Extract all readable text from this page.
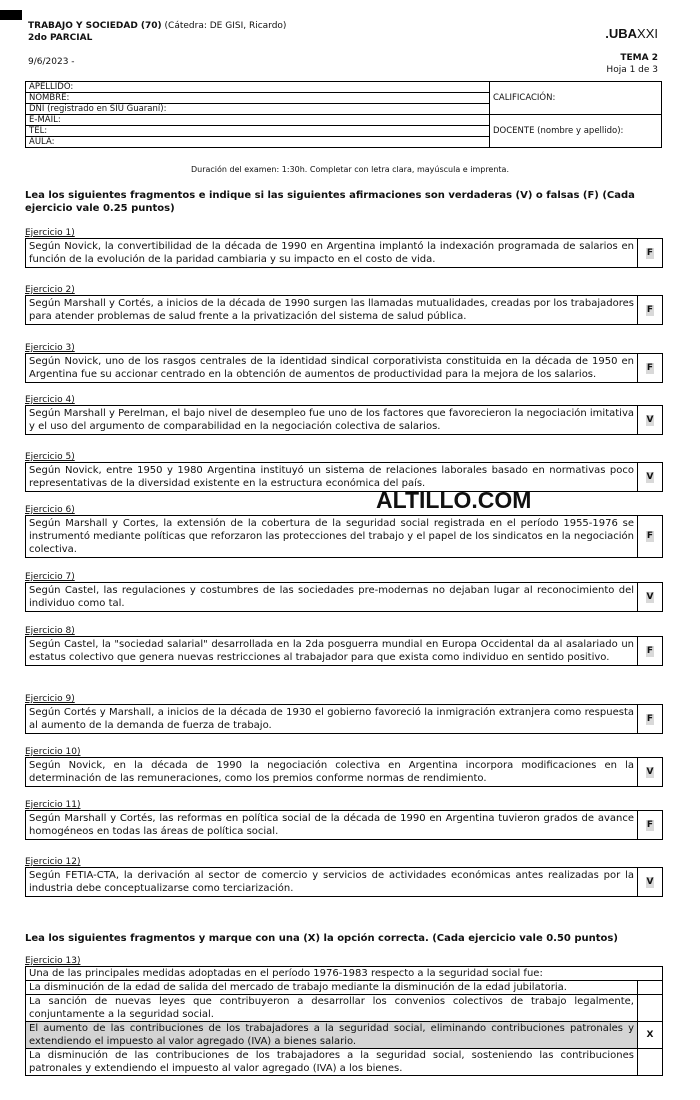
TRABAJO Y SOCIEDAD (70) (Cátedra: DE GISI, Ricardo)
2do PARCIAL
9/6/2023 -
.UBAXXI
TEMA 2
Hoja 1 de 3
APELLIDO:	CALIFICACIÓN:
NOMBRE:	
DNI (registrado en SIU Guaraní):	
E-MAIL:	DOCENTE (nombre y apellido):
TEL:	
AULA:	
Duración del examen: 1:30h. Completar con letra clara, mayúscula e imprenta.
Lea los siguientes fragmentos e indique si las siguientes afirmaciones son verdaderas (V) o falsas (F) (Cada ejercicio vale 0.25 puntos)
Ejercicio 1)
Según Novick, la convertibilidad de la década de 1990 en Argentina implantó la indexación programada de salarios en función de la evolución de la paridad cambiaria y su impacto en el costo de vida.
F
Ejercicio 2)
Según Marshall y Cortés, a inicios de la década de 1990 surgen las llamadas mutualidades, creadas por los trabajadores para atender problemas de salud frente a la privatización del sistema de salud pública.
F
Ejercicio 3)
Según Novick, uno de los rasgos centrales de la identidad sindical corporativista constituida en la década de 1950 en Argentina fue su accionar centrado en la obtención de aumentos de productividad para la mejora de los salarios.
F
Ejercicio 4)
Según Marshall y Perelman, el bajo nivel de desempleo fue uno de los factores que favorecieron la negociación imitativa y el uso del argumento de comparabilidad en la negociación colectiva de salarios.
V
Ejercicio 5)
Según Novick, entre 1950 y 1980 Argentina instituyó un sistema de relaciones laborales basado en normativas poco representativas de la diversidad existente en la estructura económica del país.
V
Ejercicio 6)
Según Marshall y Cortes, la extensión de la cobertura de la seguridad social registrada en el período 1955-1976 se instrumentó mediante políticas que reforzaron las protecciones del trabajo y el papel de los sindicatos en la negociación colectiva.
F
Ejercicio 7)
Según Castel, las regulaciones y costumbres de las sociedades pre-modernas no dejaban lugar al reconocimiento del individuo como tal.
V
Ejercicio 8)
Según Castel, la "sociedad salarial" desarrollada en la 2da posguerra mundial en Europa Occidental da al asalariado un estatus colectivo que genera nuevas restricciones al trabajador para que exista como individuo en sentido positivo.
F
Ejercicio 9)
Según Cortés y Marshall, a inicios de la década de 1930 el gobierno favoreció la inmigración extranjera como respuesta al aumento de la demanda de fuerza de trabajo.
F
Ejercicio 10)
Según Novick, en la década de 1990 la negociación colectiva en Argentina incorpora modificaciones en la determinación de las remuneraciones, como los premios conforme normas de rendimiento.
V
Ejercicio 11)
Según Marshall y Cortés, las reformas en política social de la década de 1990 en Argentina tuvieron grados de avance homogéneos en todas las áreas de política social.
F
Ejercicio 12)
Según FETIA-CTA, la derivación al sector de comercio y servicios de actividades económicas antes realizadas por la industria debe conceptualizarse como terciarización.
V
ALTILLO.COM
Lea los siguientes fragmentos y marque con una (X) la opción correcta. (Cada ejercicio vale 0.50 puntos)
Ejercicio 13)
Una de las principales medidas adoptadas en el período 1976-1983 respecto a la seguridad social fue:	
La disminución de la edad de salida del mercado de trabajo mediante la disminución de la edad jubilatoria.	
La sanción de nuevas leyes que contribuyeron a desarrollar los convenios colectivos de trabajo legalmente, conjuntamente a la seguridad social.	
El aumento de las contribuciones de los trabajadores a la seguridad social, eliminando contribuciones patronales y extendiendo el impuesto al valor agregado (IVA) a bienes salario.	X
La disminución de las contribuciones de los trabajadores a la seguridad social, sosteniendo las contribuciones patronales y extendiendo el impuesto al valor agregado (IVA) a los bienes.	
